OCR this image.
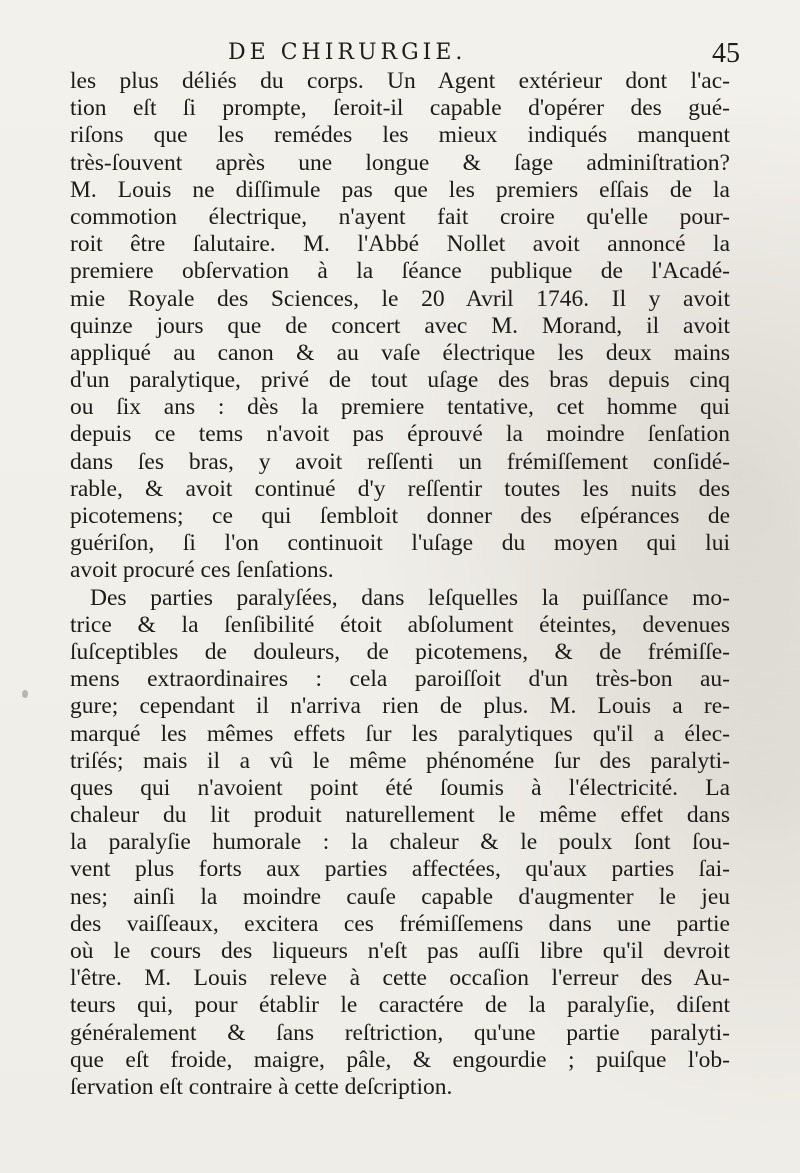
DE CHIRURGIE.	45
les plus déliés du corps. Un Agent extérieur dont l'ac-
tion eſt ſi prompte, ſeroit-il capable d'opérer des gué-
riſons que les remédes les mieux indiqués manquent
très-ſouvent après une longue & ſage adminiſtration?
M. Louis ne diſſimule pas que les premiers eſſais de la
commotion électrique, n'ayent fait croire qu'elle pour-
roit être ſalutaire. M. l'Abbé Nollet avoit annoncé la
premiere obſervation à la ſéance publique de l'Acadé-
mie Royale des Sciences, le 20 Avril 1746. Il y avoit
quinze jours que de concert avec M. Morand, il avoit
appliqué au canon & au vaſe électrique les deux mains
d'un paralytique, privé de tout uſage des bras depuis cinq
ou ſix ans : dès la premiere tentative, cet homme qui
depuis ce tems n'avoit pas éprouvé la moindre ſenſation
dans ſes bras, y avoit reſſenti un frémiſſement conſidé-
rable, & avoit continué d'y reſſentir toutes les nuits des
picotemens; ce qui ſembloit donner des eſpérances de
guériſon, ſi l'on continuoit l'uſage du moyen qui lui
avoit procuré ces ſenſations.
Des parties paralyſées, dans leſquelles la puiſſance mo-
trice & la ſenſibilité étoit abſolument éteintes, devenues
ſuſceptibles de douleurs, de picotemens, & de frémiſſe-
mens extraordinaires : cela paroiſſoit d'un très-bon au-
gure; cependant il n'arriva rien de plus. M. Louis a re-
marqué les mêmes effets ſur les paralytiques qu'il a élec-
triſés; mais il a vû le même phénoméne ſur des paralyti-
ques qui n'avoient point été ſoumis à l'électricité. La
chaleur du lit produit naturellement le même effet dans
la paralyſie humorale : la chaleur & le poulx ſont ſou-
vent plus forts aux parties affectées, qu'aux parties ſai-
nes; ainſi la moindre cauſe capable d'augmenter le jeu
des vaiſſeaux, excitera ces frémiſſemens dans une partie
où le cours des liqueurs n'eſt pas auſſi libre qu'il devroit
l'être. M. Louis releve à cette occaſion l'erreur des Au-
teurs qui, pour établir le caractére de la paralyſie, diſent
généralement & ſans reſtriction, qu'une partie paralyti-
que eſt froide, maigre, pâle, & engourdie ; puiſque l'ob-
ſervation eſt contraire à cette deſcription.
